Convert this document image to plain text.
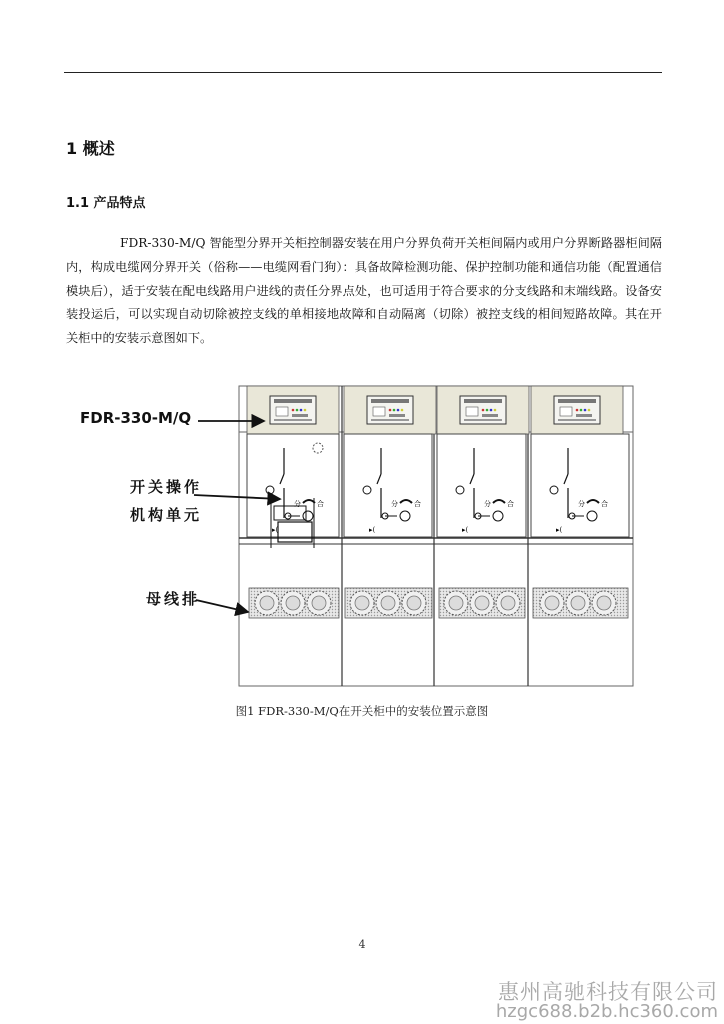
1 概述
1.1 产品特点
FDR-330-M/Q 智能型分界开关柜控制器安装在用户分界负荷开关柜间隔内或用户分界断路器柜间隔内，构成电缆网分界开关（俗称——电缆网看门狗）：具备故障检测功能、保护控制功能和通信功能（配置通信模块后），适于安装在配电线路用户进线的责任分界点处，也可适用于符合要求的分支线路和末端线路。设备安装投运后，可以实现自动切除被控支线的单相接地故障和自动隔离（切除）被控支线的相间短路故障。其在开关柜中的安装示意图如下。
分	合
▸(
FDR-330-M/Q
开关操作
机构单元
母线排
图1 FDR-330-M/Q在开关柜中的安装位置示意图
4
惠州高驰科技有限公司
hzgc688.b2b.hc360.com
